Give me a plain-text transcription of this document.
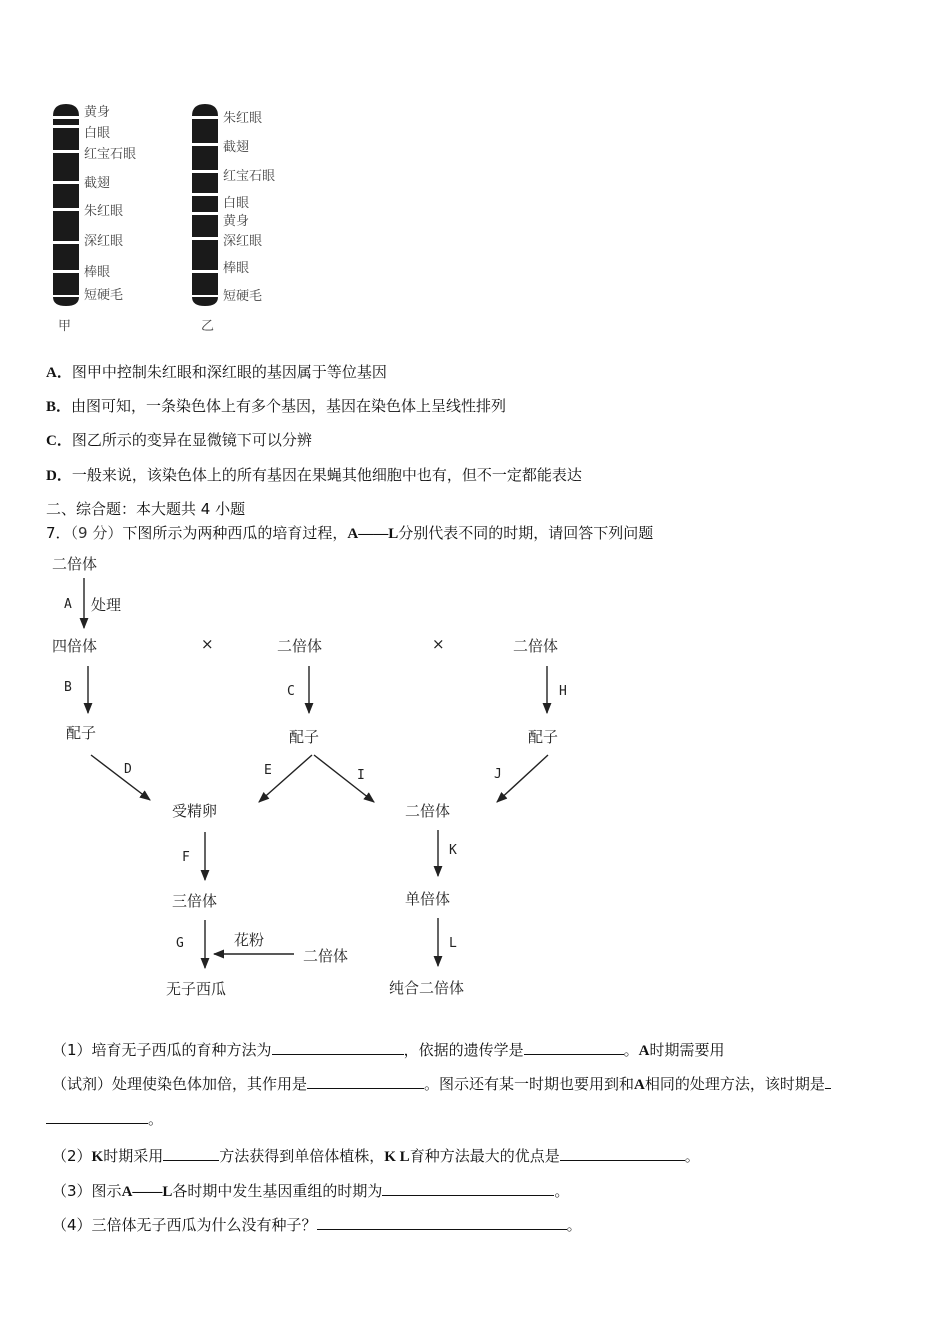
黄身
白眼
红宝石眼
截翅
朱红眼
深红眼
棒眼
短硬毛
甲
朱红眼
截翅
红宝石眼
白眼
黄身
深红眼
棒眼
短硬毛
乙
A．图甲中控制朱红眼和深红眼的基因属于等位基因
B．由图可知，一条染色体上有多个基因，基因在染色体上呈线性排列
C．图乙所示的变异在显微镜下可以分辨
D．一般来说，该染色体上的所有基因在果蝇其他细胞中也有，但不一定都能表达
二、综合题：本大题共 4 小题
7．（9 分）下图所示为两种西瓜的培育过程，A——L分别代表不同的时期，请回答下列问题
二倍体
A 处理
四倍体	×	二倍体	×	二倍体
B	C	H
配子	配子	配子
D	E	I	J
受精卵	二倍体
F	K
三倍体	单倍体
G	花粉
二倍体
L
无子西瓜	纯合二倍体
（1）培育无子西瓜的育种方法为	，依据的遗传学是	。A时期需要用
（试剂）处理使染色体加倍，其作用是	。图示还有某一时期也要用到和A相同的处理方法，该时期是
。
（2）K时期采用	方法获得到单倍体植株，K L育种方法最大的优点是	。
（3）图示A——L各时期中发生基因重组的时期为	。
（4）三倍体无子西瓜为什么没有种子？	。
